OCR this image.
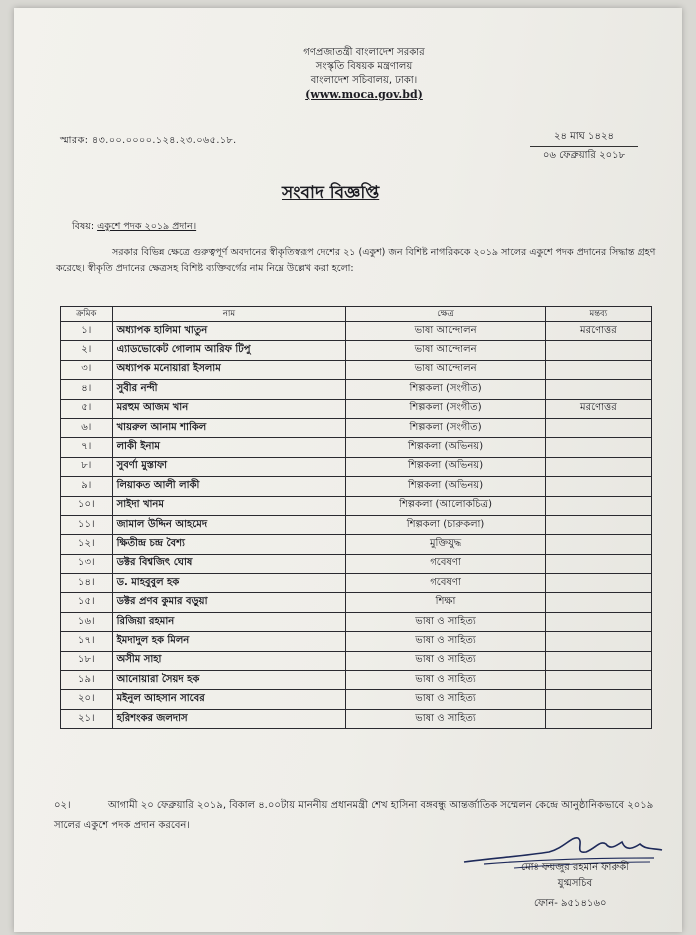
গণপ্রজাতন্ত্রী বাংলাদেশ সরকার
সংস্কৃতি বিষয়ক মন্ত্রণালয়
বাংলাদেশ সচিবালয়, ঢাকা।
(www.moca.gov.bd)
স্মারক: ৪৩.০০.০০০০.১২৪.২৩.০৬৫.১৮.	২৪ মাঘ ১৪২৪
০৬ ফেব্রুয়ারি ২০১৮
সংবাদ বিজ্ঞপ্তি
বিষয়: একুশে পদক ২০১৯ প্রদান।
সরকার বিভিন্ন ক্ষেত্রে গুরুত্বপূর্ণ অবদানের স্বীকৃতিস্বরূপ দেশের ২১ (একুশ) জন বিশিষ্ট নাগরিককে ২০১৯ সালের একুশে পদক প্রদানের সিদ্ধান্ত গ্রহণ করেছে। স্বীকৃতি প্রদানের ক্ষেত্রসহ বিশিষ্ট ব্যক্তিবর্গের নাম নিম্নে উল্লেখ করা হলো:
ক্রমিক	নাম	ক্ষেত্র	মন্তব্য
১।	অধ্যাপক হালিমা খাতুন	ভাষা আন্দোলন	মরণোত্তর
২।	এ্যাডভোকেট গোলাম আরিফ টিপু	ভাষা আন্দোলন	
৩।	অধ্যাপক মনোয়ারা ইসলাম	ভাষা আন্দোলন	
৪।	সুবীর নন্দী	শিল্পকলা (সংগীত)	
৫।	মরহুম আজম খান	শিল্পকলা (সংগীত)	মরণোত্তর
৬।	খায়রুল আনাম শাকিল	শিল্পকলা (সংগীত)	
৭।	লাকী ইনাম	শিল্পকলা (অভিনয়)	
৮।	সুবর্ণা মুস্তাফা	শিল্পকলা (অভিনয়)	
৯।	লিয়াকত আলী লাকী	শিল্পকলা (অভিনয়)	
১০।	সাইদা খানম	শিল্পকলা (আলোকচিত্র)	
১১।	জামাল উদ্দিন আহমেদ	শিল্পকলা (চারুকলা)	
১২।	ক্ষিতীন্দ্র চন্দ্র বৈশ্য	মুক্তিযুদ্ধ	
১৩।	ডক্টর বিশ্বজিৎ ঘোষ	গবেষণা	
১৪।	ড. মাহবুবুল হক	গবেষণা	
১৫।	ডক্টর প্রণব কুমার বড়ুয়া	শিক্ষা	
১৬।	রিজিয়া রহমান	ভাষা ও সাহিত্য	
১৭।	ইমদাদুল হক মিলন	ভাষা ও সাহিত্য	
১৮।	অসীম সাহা	ভাষা ও সাহিত্য	
১৯।	আনোয়ারা সৈয়দ হক	ভাষা ও সাহিত্য	
২০।	মইনুল আহসান সাবের	ভাষা ও সাহিত্য	
২১।	হরিশংকর জলদাস	ভাষা ও সাহিত্য	
০২।	আগামী ২০ ফেব্রুয়ারি ২০১৯, বিকাল ৪.০০টায় মাননীয় প্রধানমন্ত্রী শেখ হাসিনা বঙ্গবন্ধু আন্তর্জাতিক সম্মেলন কেন্দ্রে আনুষ্ঠানিকভাবে ২০১৯ সালের একুশে পদক প্রদান করবেন।
মোঃ ফয়জুর রহমান ফারুকী
যুগ্মসচিব
ফোন- ৯৫১৪১৬০
